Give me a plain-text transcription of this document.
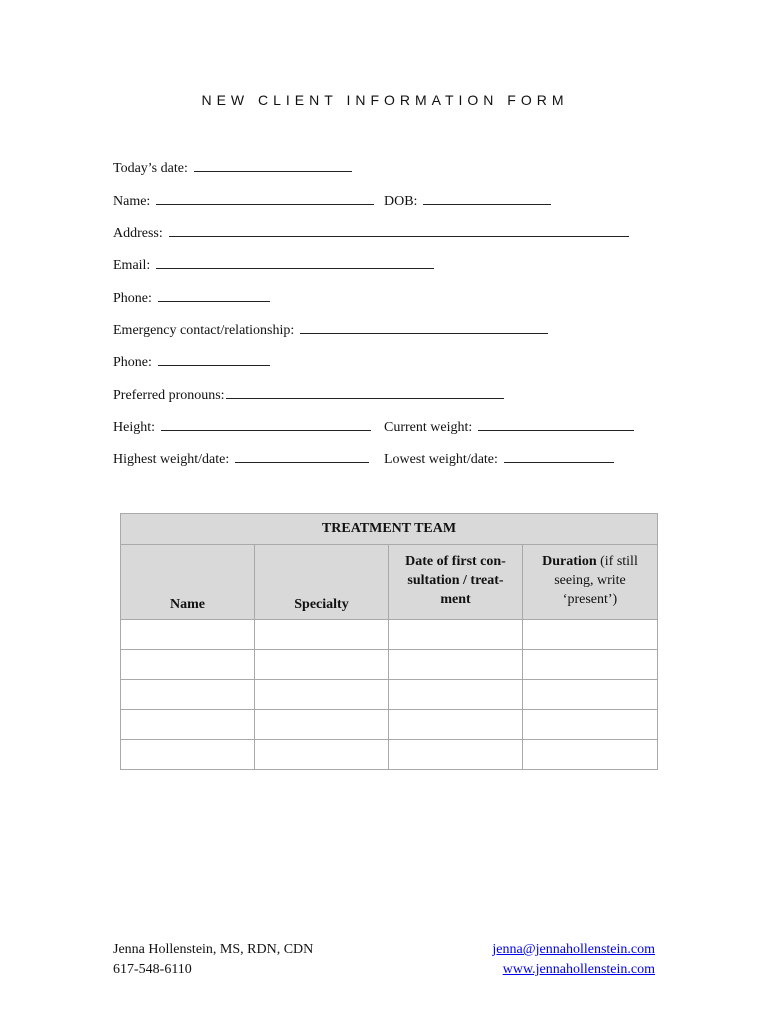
NEW CLIENT INFORMATION FORM
Today’s date:
Name:	DOB:
Address:
Email:
Phone:
Emergency contact/relationship:
Phone:
Preferred pronouns:
Height:	Current weight:
Highest weight/date:	Lowest weight/date:
TREATMENT TEAM			
Name	Specialty	Date of first con-sultation / treat-ment	Duration (if still seeing, write ‘present’)

Jenna Hollenstein, MS, RDN, CDN
617-548-6110
jenna@jennahollenstein.com
www.jennahollenstein.com
